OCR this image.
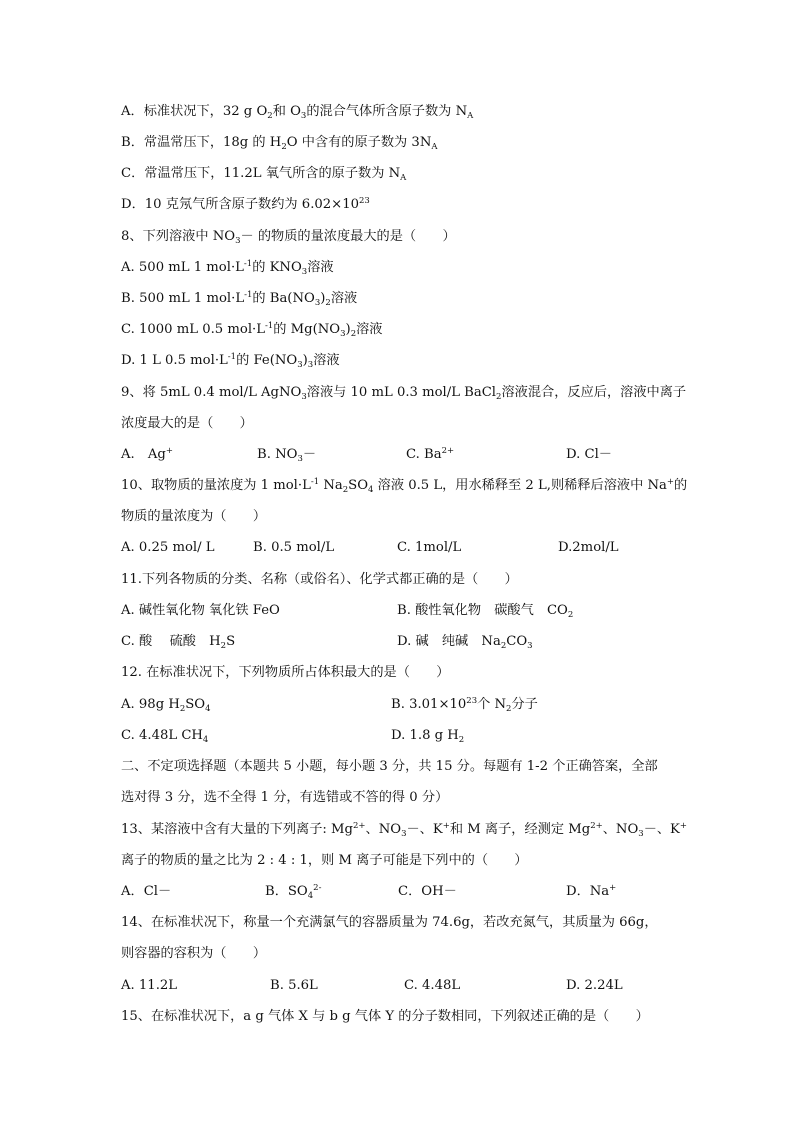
A．标准状况下，32 g $O_2$和 $O_3$的混合气体所含原子数为 $N_A$
B．常温常压下，18g 的 $H_2O$ 中含有的原子数为 $3N_A$
C．常温常压下，11.2L 氧气所含的原子数为 $N_A$
D．10 克氖气所含原子数约为 $6.02\times 10^{23}$
8、下列溶液中 $NO_3-$ 的物质的量浓度最大的是（　　）
A. 500 mL 1 $mol\cdot L^{-1}$的 $KNO_3$溶液
B. 500 mL 1 $mol\cdot L^{-1}$的 $Ba(NO_3)_2$溶液
C. 1000 mL 0.5 $mol\cdot L^{-1}$的 $Mg(NO_3)_2$溶液
D. 1 L 0.5 $mol\cdot L^{-1}$的 $Fe(NO_3)_3$溶液
9、将 5mL 0.4 mol/L AgNO$_3$溶液与 10 mL 0.3 mol/L BaCl$_2$溶液混合，反应后，溶液中离子
浓度最大的是（　　）
A.　Ag+	B. $NO_3-$	C. $Ba^{2+}$	D. Cl－
10、取物质的量浓度为 1 $mol\cdot L^{-1}$ $Na_2SO_4$ 溶液 0.5 L，用水稀释至 2 L,则稀释后溶液中 Na+的
物质的量浓度为（　　）
A. 0.25 mol/ L	B. 0.5 mol/L	C. 1mol/L	D.2mol/L
11.下列各物质的分类、名称（或俗名）、化学式都正确的是（　　）
A. 碱性氧化物 氧化铁 FeO	B. 酸性氧化物　碳酸气　$CO_2$
C. 酸　 硫酸　$H_2S$	D. 碱　纯碱　$Na_2CO_3$
12. 在标准状况下，下列物质所占体积最大的是（　　）
A. 98g $H_2SO_4$	B. $3.01\times 10^{23}$个 $N_2$分子
C. 4.48L $CH_4$	D. 1.8 g $H_2$
二、不定项选择题（本题共 5 小题，每小题 3 分，共 15 分。每题有 1-2 个正确答案，全部
选对得 3 分，选不全得 1 分，有选错或不答的得 0 分）
13、某溶液中含有大量的下列离子: $Mg^{2+}$、$NO_3-$、K+和 M 离子，经测定 $Mg^{2+}$、$NO_3-$、K+
离子的物质的量之比为 2 : 4 : 1，则 M 离子可能是下列中的（　　）
A．Cl－	B．$SO_4^{2-}$	C．OH－	D．Na+
14、在标准状况下，称量一个充满氯气的容器质量为 74.6g，若改充氮气，其质量为 66g，
则容器的容积为（　　）
A. 11.2L	B. 5.6L	C. 4.48L	D. 2.24L
15、在标准状况下，a g 气体 X 与 b g 气体 Y 的分子数相同，下列叙述正确的是（　　）
